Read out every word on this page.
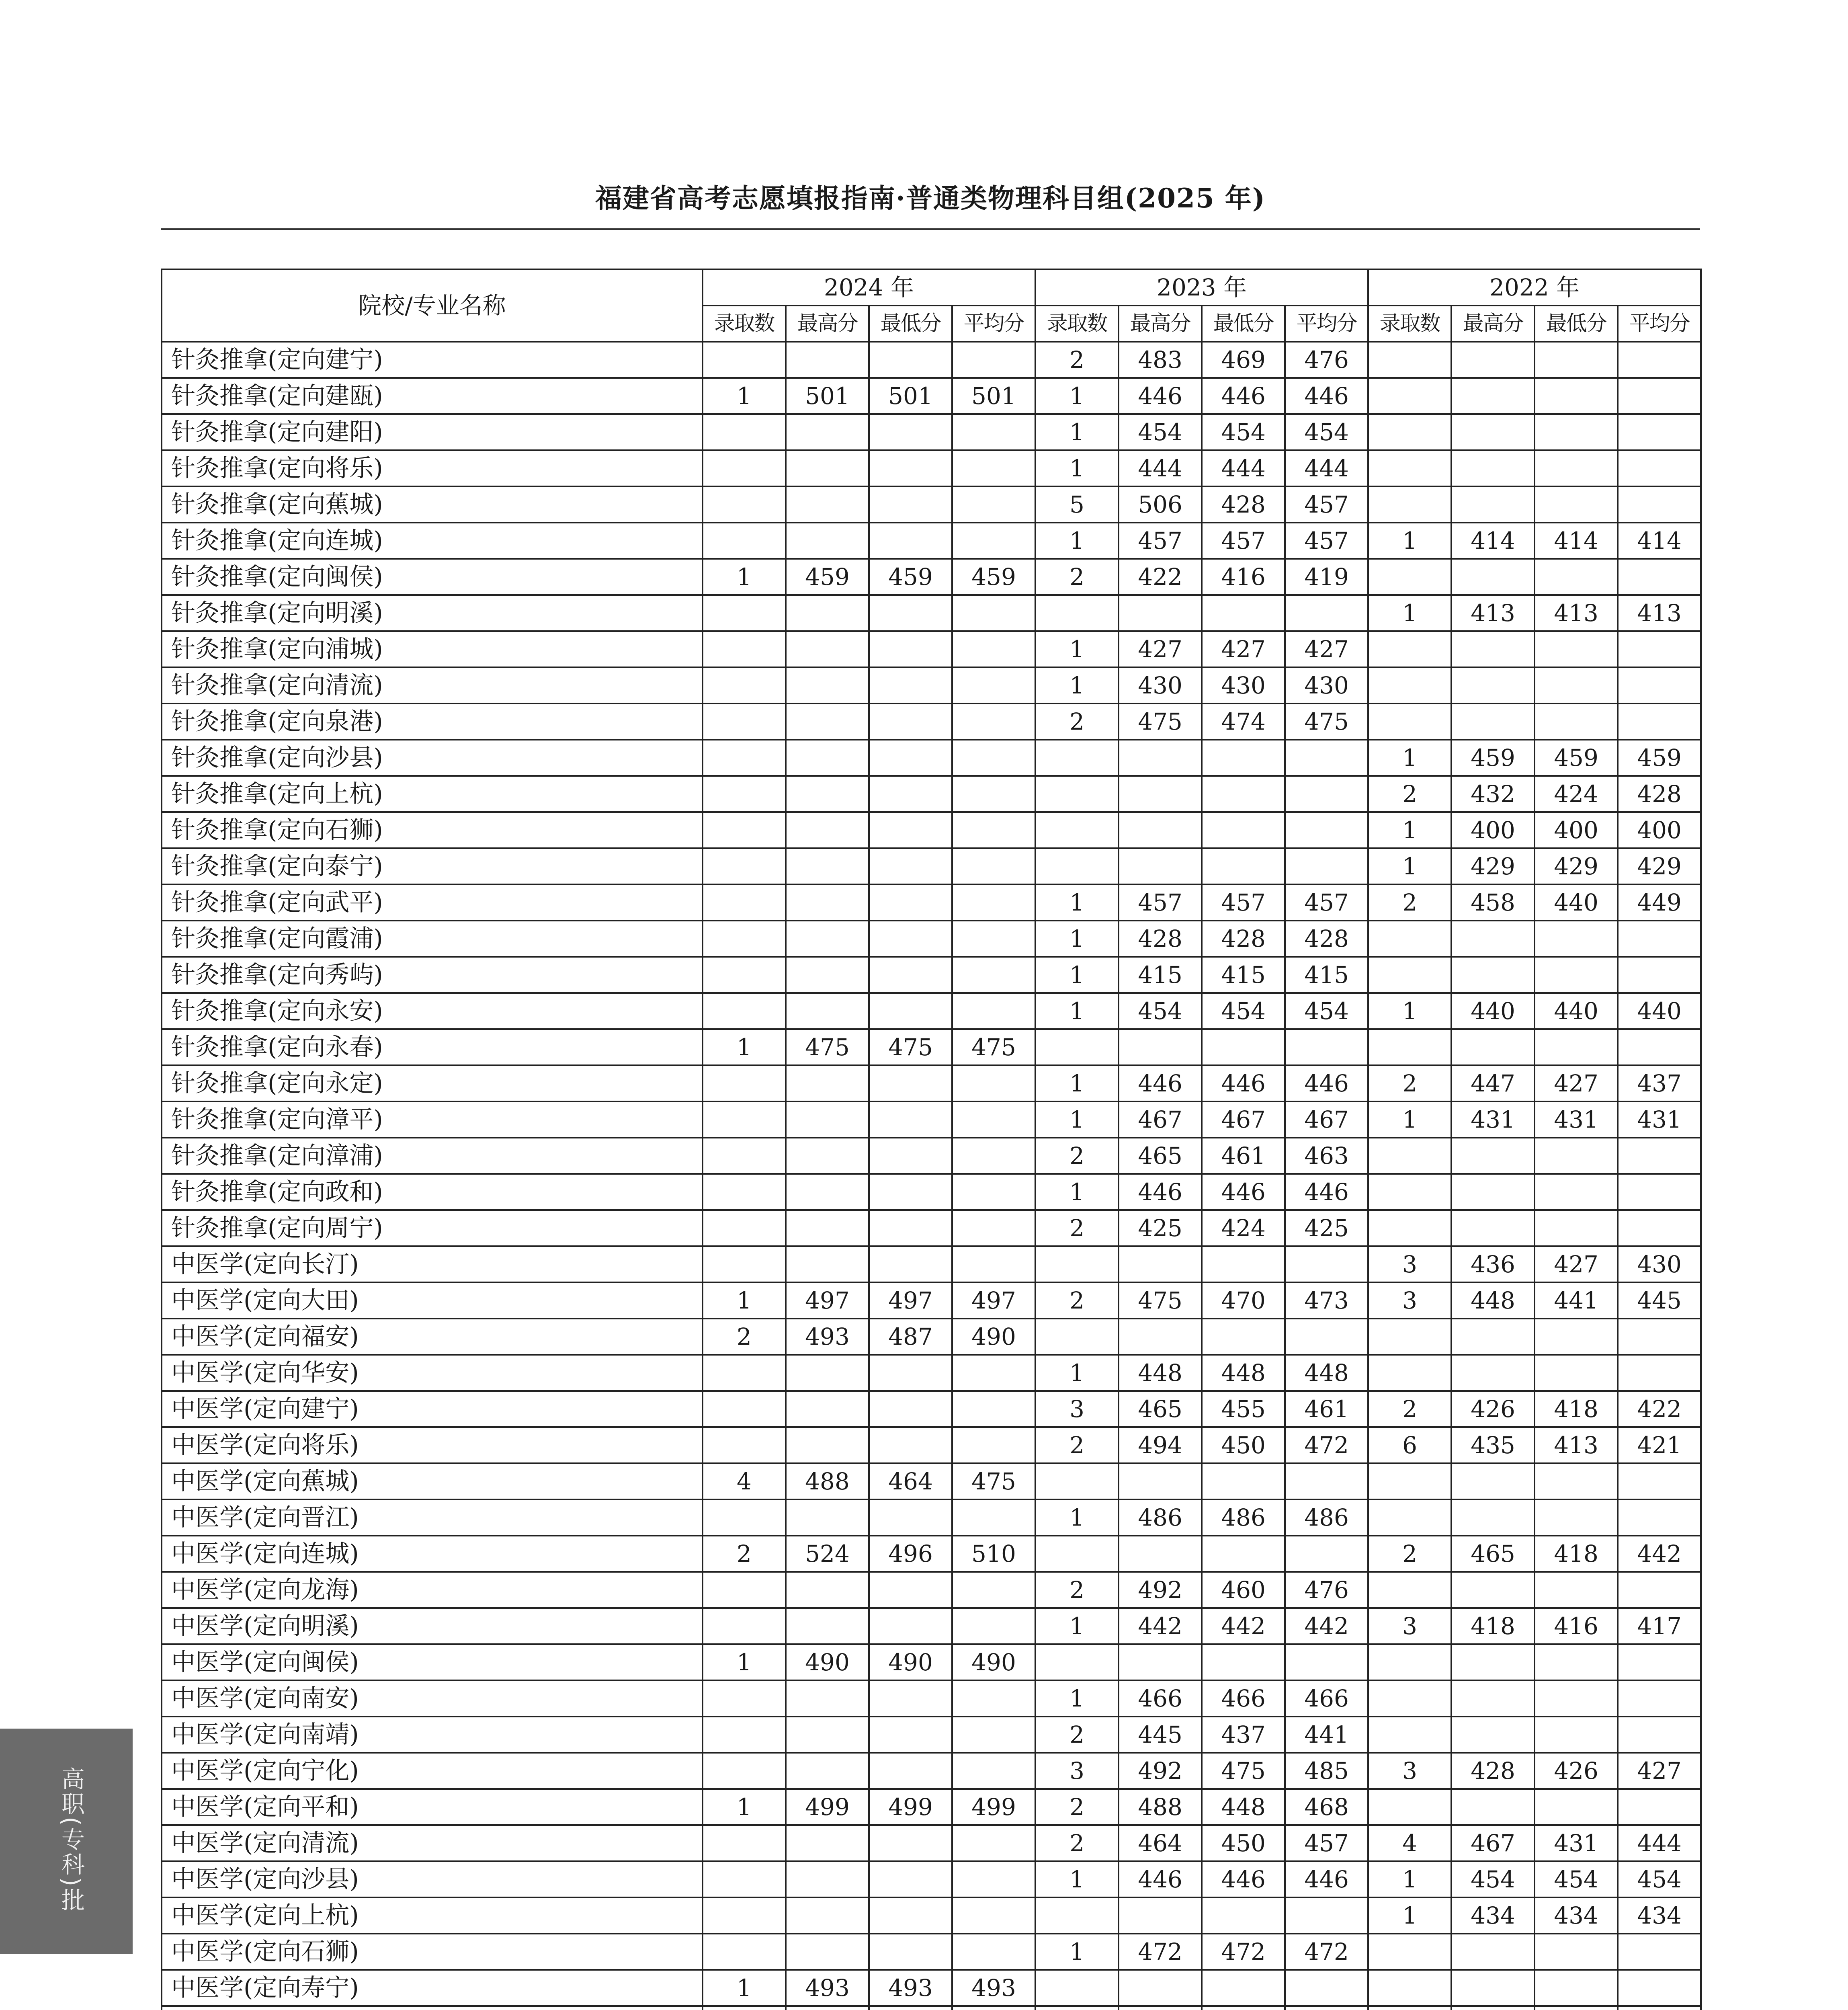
福建省高考志愿填报指南·普通类物理科目组(2025 年)
院校/专业名称	2024 年				2023 年				2022 年			
	录取数	最高分	最低分	平均分	录取数	最高分	最低分	平均分	录取数	最高分	最低分	平均分
针灸推拿(定向建宁)					2	483	469	476				
针灸推拿(定向建瓯)	1	501	501	501	1	446	446	446				
针灸推拿(定向建阳)					1	454	454	454				
针灸推拿(定向将乐)					1	444	444	444				
针灸推拿(定向蕉城)					5	506	428	457				
针灸推拿(定向连城)					1	457	457	457	1	414	414	414
针灸推拿(定向闽侯)	1	459	459	459	2	422	416	419				
针灸推拿(定向明溪)									1	413	413	413
针灸推拿(定向浦城)					1	427	427	427				
针灸推拿(定向清流)					1	430	430	430				
针灸推拿(定向泉港)					2	475	474	475				
针灸推拿(定向沙县)									1	459	459	459
针灸推拿(定向上杭)									2	432	424	428
针灸推拿(定向石狮)									1	400	400	400
针灸推拿(定向泰宁)									1	429	429	429
针灸推拿(定向武平)					1	457	457	457	2	458	440	449
针灸推拿(定向霞浦)					1	428	428	428				
针灸推拿(定向秀屿)					1	415	415	415				
针灸推拿(定向永安)					1	454	454	454	1	440	440	440
针灸推拿(定向永春)	1	475	475	475								
针灸推拿(定向永定)					1	446	446	446	2	447	427	437
针灸推拿(定向漳平)					1	467	467	467	1	431	431	431
针灸推拿(定向漳浦)					2	465	461	463				
针灸推拿(定向政和)					1	446	446	446				
针灸推拿(定向周宁)					2	425	424	425				
中医学(定向长汀)									3	436	427	430
中医学(定向大田)	1	497	497	497	2	475	470	473	3	448	441	445
中医学(定向福安)	2	493	487	490								
中医学(定向华安)					1	448	448	448				
中医学(定向建宁)					3	465	455	461	2	426	418	422
中医学(定向将乐)					2	494	450	472	6	435	413	421
中医学(定向蕉城)	4	488	464	475								
中医学(定向晋江)					1	486	486	486				
中医学(定向连城)	2	524	496	510					2	465	418	442
中医学(定向龙海)					2	492	460	476				
中医学(定向明溪)					1	442	442	442	3	418	416	417
中医学(定向闽侯)	1	490	490	490								
中医学(定向南安)					1	466	466	466				
中医学(定向南靖)					2	445	437	441				
中医学(定向宁化)					3	492	475	485	3	428	426	427
中医学(定向平和)	1	499	499	499	2	488	448	468				
中医学(定向清流)					2	464	450	457	4	467	431	444
中医学(定向沙县)					1	446	446	446	1	454	454	454
中医学(定向上杭)									1	434	434	434
中医学(定向石狮)					1	472	472	472				
中医学(定向寿宁)	1	493	493	493								

高职(专科)批
